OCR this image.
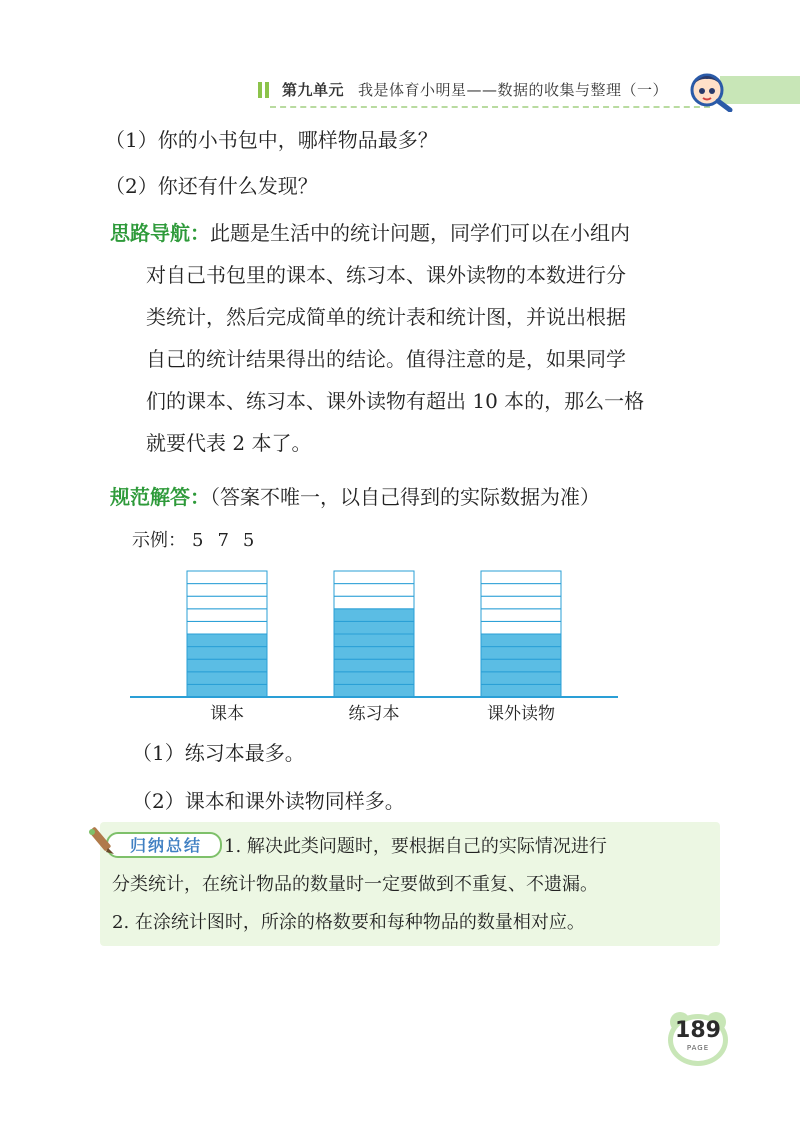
第九单元 我是体育小明星——数据的收集与整理（一）
（1）你的小书包中，哪样物品最多？
（2）你还有什么发现？
思路导航：此题是生活中的统计问题，同学们可以在小组内
对自己书包里的课本、练习本、课外读物的本数进行分
类统计，然后完成简单的统计表和统计图，并说出根据
自己的统计结果得出的结论。值得注意的是，如果同学
们的课本、练习本、课外读物有超出 10 本的，那么一格
就要代表 2 本了。
规范解答：（答案不唯一，以自己得到的实际数据为准）
示例： 5 7 5
课本	练习本	课外读物
（1）练习本最多。
（2）课本和课外读物同样多。
1. 解决此类问题时，要根据自己的实际情况进行
分类统计，在统计物品的数量时一定要做到不重复、不遗漏。
2. 在涂统计图时，所涂的格数要和每种物品的数量相对应。
归纳总结
189
PAGE
